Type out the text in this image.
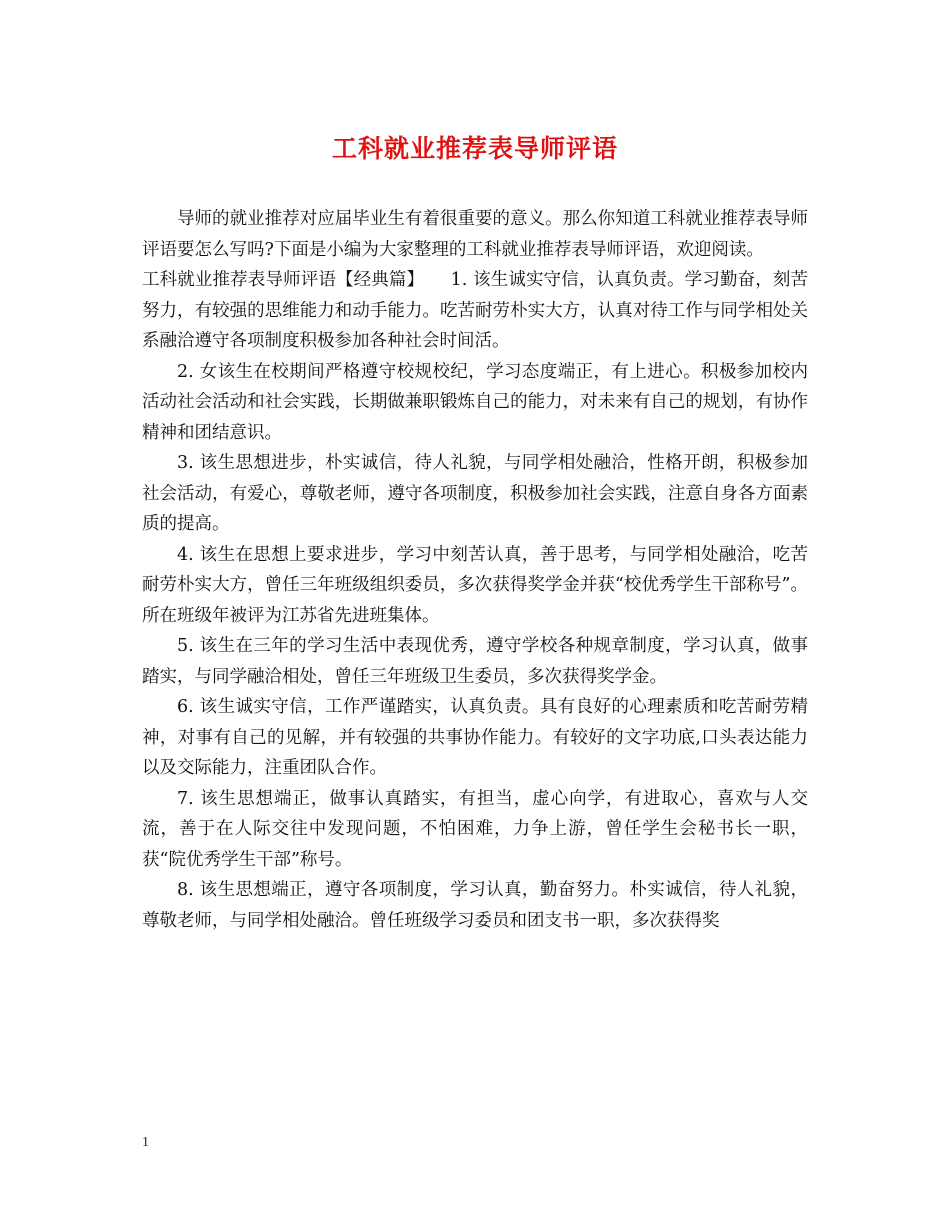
工科就业推荐表导师评语

导师的就业推荐对应届毕业生有着很重要的意义。那么你知道工科就业推荐表导师评语要怎么写吗?下面是小编为大家整理的工科就业推荐表导师评语，欢迎阅读。

工科就业推荐表导师评语【经典篇】　　1. 该生诚实守信，认真负责。学习勤奋，刻苦努力，有较强的思维能力和动手能力。吃苦耐劳朴实大方，认真对待工作与同学相处关系融洽遵守各项制度积极参加各种社会时间活。

2. 女该生在校期间严格遵守校规校纪，学习态度端正，有上进心。积极参加校内活动社会活动和社会实践，长期做兼职锻炼自己的能力，对未来有自己的规划，有协作精神和团结意识。

3. 该生思想进步，朴实诚信，待人礼貌，与同学相处融洽，性格开朗，积极参加社会活动，有爱心，尊敬老师，遵守各项制度，积极参加社会实践，注意自身各方面素质的提高。

4. 该生在思想上要求进步，学习中刻苦认真，善于思考，与同学相处融洽，吃苦耐劳朴实大方，曾任三年班级组织委员，多次获得奖学金并获“校优秀学生干部称号”。所在班级年被评为江苏省先进班集体。

5. 该生在三年的学习生活中表现优秀，遵守学校各种规章制度，学习认真，做事踏实，与同学融洽相处，曾任三年班级卫生委员，多次获得奖学金。

6. 该生诚实守信，工作严谨踏实，认真负责。具有良好的心理素质和吃苦耐劳精神，对事有自己的见解，并有较强的共事协作能力。有较好的文字功底,口头表达能力以及交际能力，注重团队合作。

7. 该生思想端正，做事认真踏实，有担当，虚心向学，有进取心，喜欢与人交流，善于在人际交往中发现问题，不怕困难，力争上游，曾任学生会秘书长一职，获“院优秀学生干部”称号。

8. 该生思想端正，遵守各项制度，学习认真，勤奋努力。朴实诚信，待人礼貌，尊敬老师，与同学相处融洽。曾任班级学习委员和团支书一职，多次获得奖

1
